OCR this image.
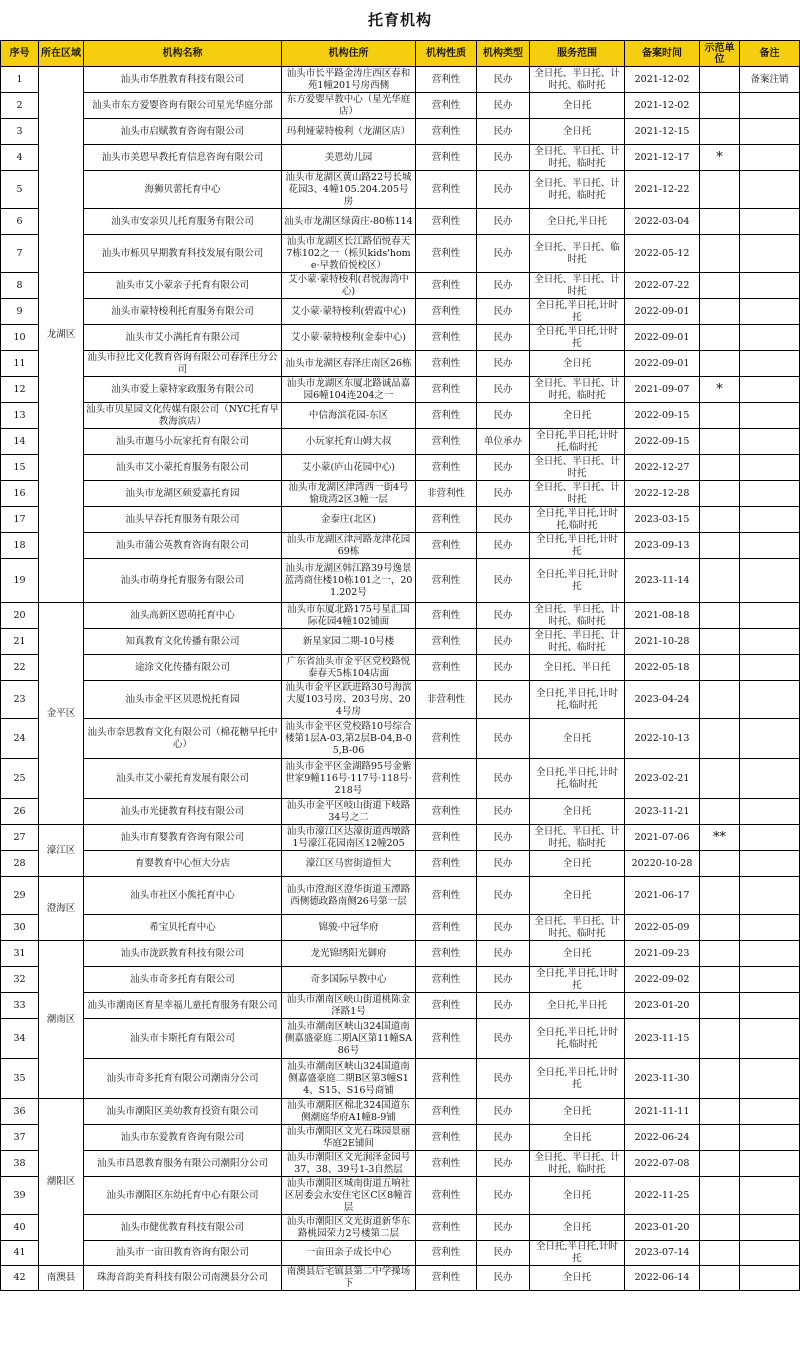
托育机构
序号	所在区域	机构名称	机构住所	机构性质	机构类型	服务范围	备案时间	示范单位	备注
1	龙湖区	汕头市华胜教育科技有限公司	汕头市长平路金涛庄西区春和苑1幢201号房西侧	营利性	民办	全日托、半日托、计时托、临时托	2021-12-02		备案注销
2		汕头市东方爱婴咨询有限公司星光华庭分部	东方爱婴早教中心（星光华庭店）	营利性	民办	全日托	2021-12-02		
3		汕头市启赋教育咨询有限公司	玛利娅蒙特梭利（龙湖区店）	营利性	民办	全日托	2021-12-15		
4		汕头市美恩早教托育信息咨询有限公司	美恩幼儿园	营利性	民办	全日托、半日托、计时托、临时托	2021-12-17	*	
5		海狮贝蕾托育中心	汕头市龙湖区黄山路22号长城花园3、4幢105.204.205号房	营利性	民办	全日托、半日托、计时托、临时托	2021-12-22		
6		汕头市安亲贝儿托育服务有限公司	汕头市龙湖区绿茵庄-80栋114	营利性	民办	全日托,半日托	2022-03-04		
7		汕头市栎贝早期教育科技发展有限公司	汕头市龙湖区长江路佰悦春天7栋102之一（栎贝kids'home·早教佰悦校区）	营利性	民办	全日托、半日托、临时托	2022-05-12		
8		汕头市艾小蒙亲子托育有限公司	艾小蒙·蒙特梭利(君悦海湾中心)	营利性	民办	全日托、半日托、计时托	2022-07-22		
9		汕头市蒙特梭利托育服务有限公司	艾小蒙·蒙特梭利(碧霞中心)	营利性	民办	全日托,半日托,计时托	2022-09-01		
10		汕头市艾小满托育有限公司	艾小蒙·蒙特梭利(金泰中心)	营利性	民办	全日托,半日托,计时托	2022-09-01		
11		汕头市拉比文化教育咨询有限公司春泽庄分公司	汕头市龙湖区春泽庄南区26栋	营利性	民办	全日托	2022-09-01		
12		汕头市爱上蒙特家政服务有限公司	汕头市龙湖区东厦北路诚品嘉园6幢104连204之一	营利性	民办	全日托、半日托、计时托、临时托	2021-09-07	*	
13		汕头市贝星园文化传媒有限公司（NYC托育早教海滨店）	中信海滨花园-东区	营利性	民办	全日托	2022-09-15		
14		汕头市迦马小玩家托育有限公司	小玩家托育山姆大叔	营利性	单位承办	全日托,半日托,计时托,临时托	2022-09-15		
15		汕头市艾小蒙托育服务有限公司	艾小蒙(庐山花园中心)	营利性	民办	全日托、半日托、计时托	2022-12-27		
16		汕头市龙湖区硕爱嘉托育园	汕头市龙湖区津湾西一街4号愉珑湾2区3幢一层	非营利性	民办	全日托、半日托、计时托	2022-12-28		
17		汕头早吞托育服务有限公司	金泰庄(北区)	营利性	民办	全日托,半日托,计时托,临时托	2023-03-15		
18		汕头市蒲公英教育咨询有限公司	汕头市龙湖区津河路龙津花园69栋	营利性	民办	全日托,半日托,计时托	2023-09-13		
19		汕头市萌身托育服务有限公司	汕头市龙湖区韩江路39号逸景蓝湾商住楼10栋101之一，201.202号	营利性	民办	全日托,半日托,计时托	2023-11-14		
20	金平区	汕头高新区恩萌托育中心	汕头市东厦北路175号星汇国际花园4幢102铺面	营利性	民办	全日托、半日托、计时托、临时托	2021-08-18		
21		知真教育文化传播有限公司	新星家园二期-10号楼	营利性	民办	全日托、半日托、计时托、临时托	2021-10-28		
22		途涂文化传播有限公司	广东省汕头市金平区党校路悦泰春天5栋104店面	营利性	民办	全日托、半日托	2022-05-18		
23		汕头市金平区贝恩悦托育园	汕头市金平区跃进路30号海滨大厦103号房、203号房、204号房	非营利性	民办	全日托,半日托,计时托,临时托	2023-04-24		
24		汕头市奈思教育文化有限公司（棉花糖早托中心）	汕头市金平区党校路10号综合楼第1层A-03,第2层B-04,B-05,B-06	营利性	民办	全日托	2022-10-13		
25		汕头市艾小蒙托育发展有限公司	汕头市金平区金湖路95号金紫世家9幢116号·117号·118号·218号	营利性	民办	全日托,半日托,计时托,临时托	2023-02-21		
26		汕头市光捷教育科技有限公司	汕头市金平区岐山街道下岐路34号之二	营利性	民办	全日托	2023-11-21		
27	濠江区	汕头市育婴教育咨询有限公司	汕头市濠江区达濠街道西墩路1号濠江花园南区12幢205	营利性	民办	全日托、半日托、计时托、临时托	2021-07-06	**	
28		育婴教育中心恒大分店	濠江区马窖街道恒大	营利性	民办	全日托	20220-10-28		
29	澄海区	汕头市社区小熊托育中心	汕头市澄海区澄华街道玉潭路西侧德政路南侧26号第一层	营利性	民办	全日托	2021-06-17		
30		希宝贝托育中心	锦骏·中冠华府	营利性	民办	全日托、半日托、计时托、临时托	2022-05-09		
31	潮南区	汕头市泷跃教育科技有限公司	龙光锦绣阳光御府	营利性	民办	全日托	2021-09-23		
32		汕头市奇多托育有限公司	奇多国际早教中心	营利性	民办	全日托,半日托,计时托	2022-09-02		
33		汕头市潮南区育星幸福儿童托育服务有限公司	汕头市潮南区峡山街道桃陈金泽路1号	营利性	民办	全日托,半日托	2023-01-20		
34		汕头市卡斯托育有限公司	汕头市潮南区峡山324国道南侧嘉盛豪庭二期A区第11幢SA86号	营利性	民办	全日托,半日托,计时托,临时托	2023-11-15		
35		汕头市奇多托育有限公司潮南分公司	汕头市潮南区峡山324国道南侧嘉盛豪庭二期B区第3幢S14、S15、S16号商铺	营利性	民办	全日托,半日托,计时托	2023-11-30		
36	潮阳区	汕头市潮阳区美幼教育投资有限公司	汕头市潮阳区棉北324国道东侧潮庭华府A1幢8-9铺	营利性	民办	全日托	2021-11-11		
37		汕头市东爱教育咨询有限公司	汕头市潮阳区文光石珠园景丽华庭2E铺间	营利性	民办	全日托	2022-06-24		
38		汕头市昌恩教育服务有限公司潮阳分公司	汕头市潮阳区文光涧泽金园号37、38、39号1-3自然层	营利性	民办	全日托、半日托、计时托、临时托	2022-07-08		
39		汕头市潮阳区东幼托育中心有限公司	汕头市潮阳区城南街道五响社区居委会永安住宅区C区8幢首层	营利性	民办	全日托	2022-11-25		
40		汕头市健优教育科技有限公司	汕头市潮阳区文光街道新华东路桃园荣力2号楼第二层	营利性	民办	全日托	2023-01-20		
41		汕头市一亩田教育咨询有限公司	一亩田亲子成长中心	营利性	民办	全日托,半日托,计时托	2023-07-14		
42	南澳县	珠海音韵美育科技有限公司南澳县分公司	南澳县后宅镇县第二中学操场下	营利性	民办	全日托	2022-06-14		
